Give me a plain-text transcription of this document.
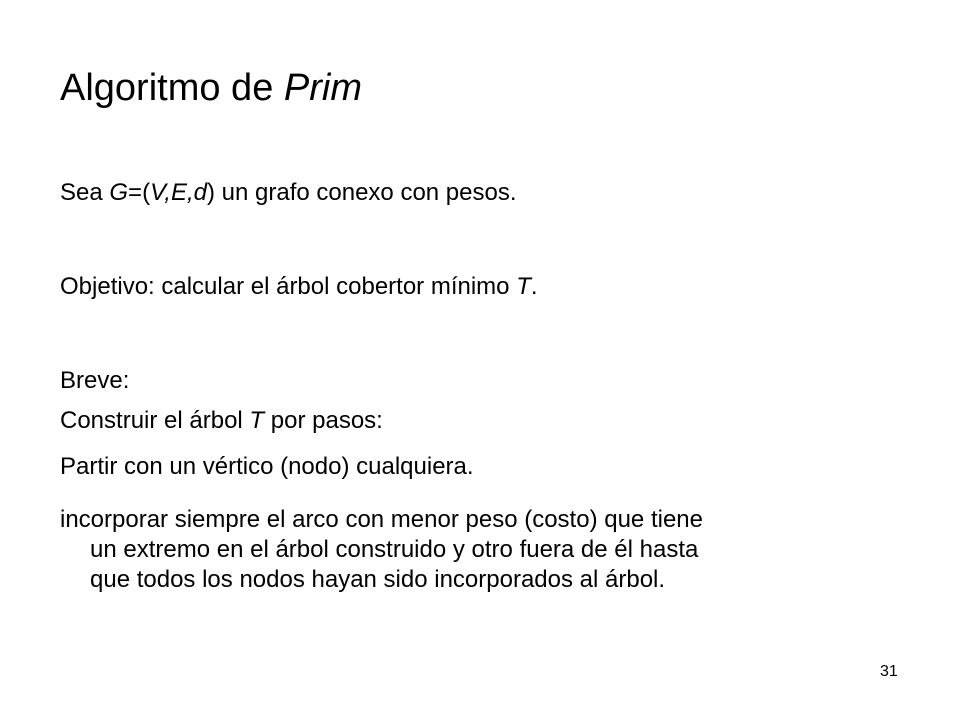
Algoritmo de Prim
Sea G=(V,E,d) un grafo conexo con pesos.
Objetivo: calcular el árbol cobertor mínimo T.
Breve:
Construir el árbol T por pasos:
Partir con un vértico (nodo) cualquiera.
incorporar siempre el arco con menor peso (costo) que tiene
un extremo en el árbol construido y otro fuera de él hasta
que todos los nodos hayan sido incorporados al árbol.
31
